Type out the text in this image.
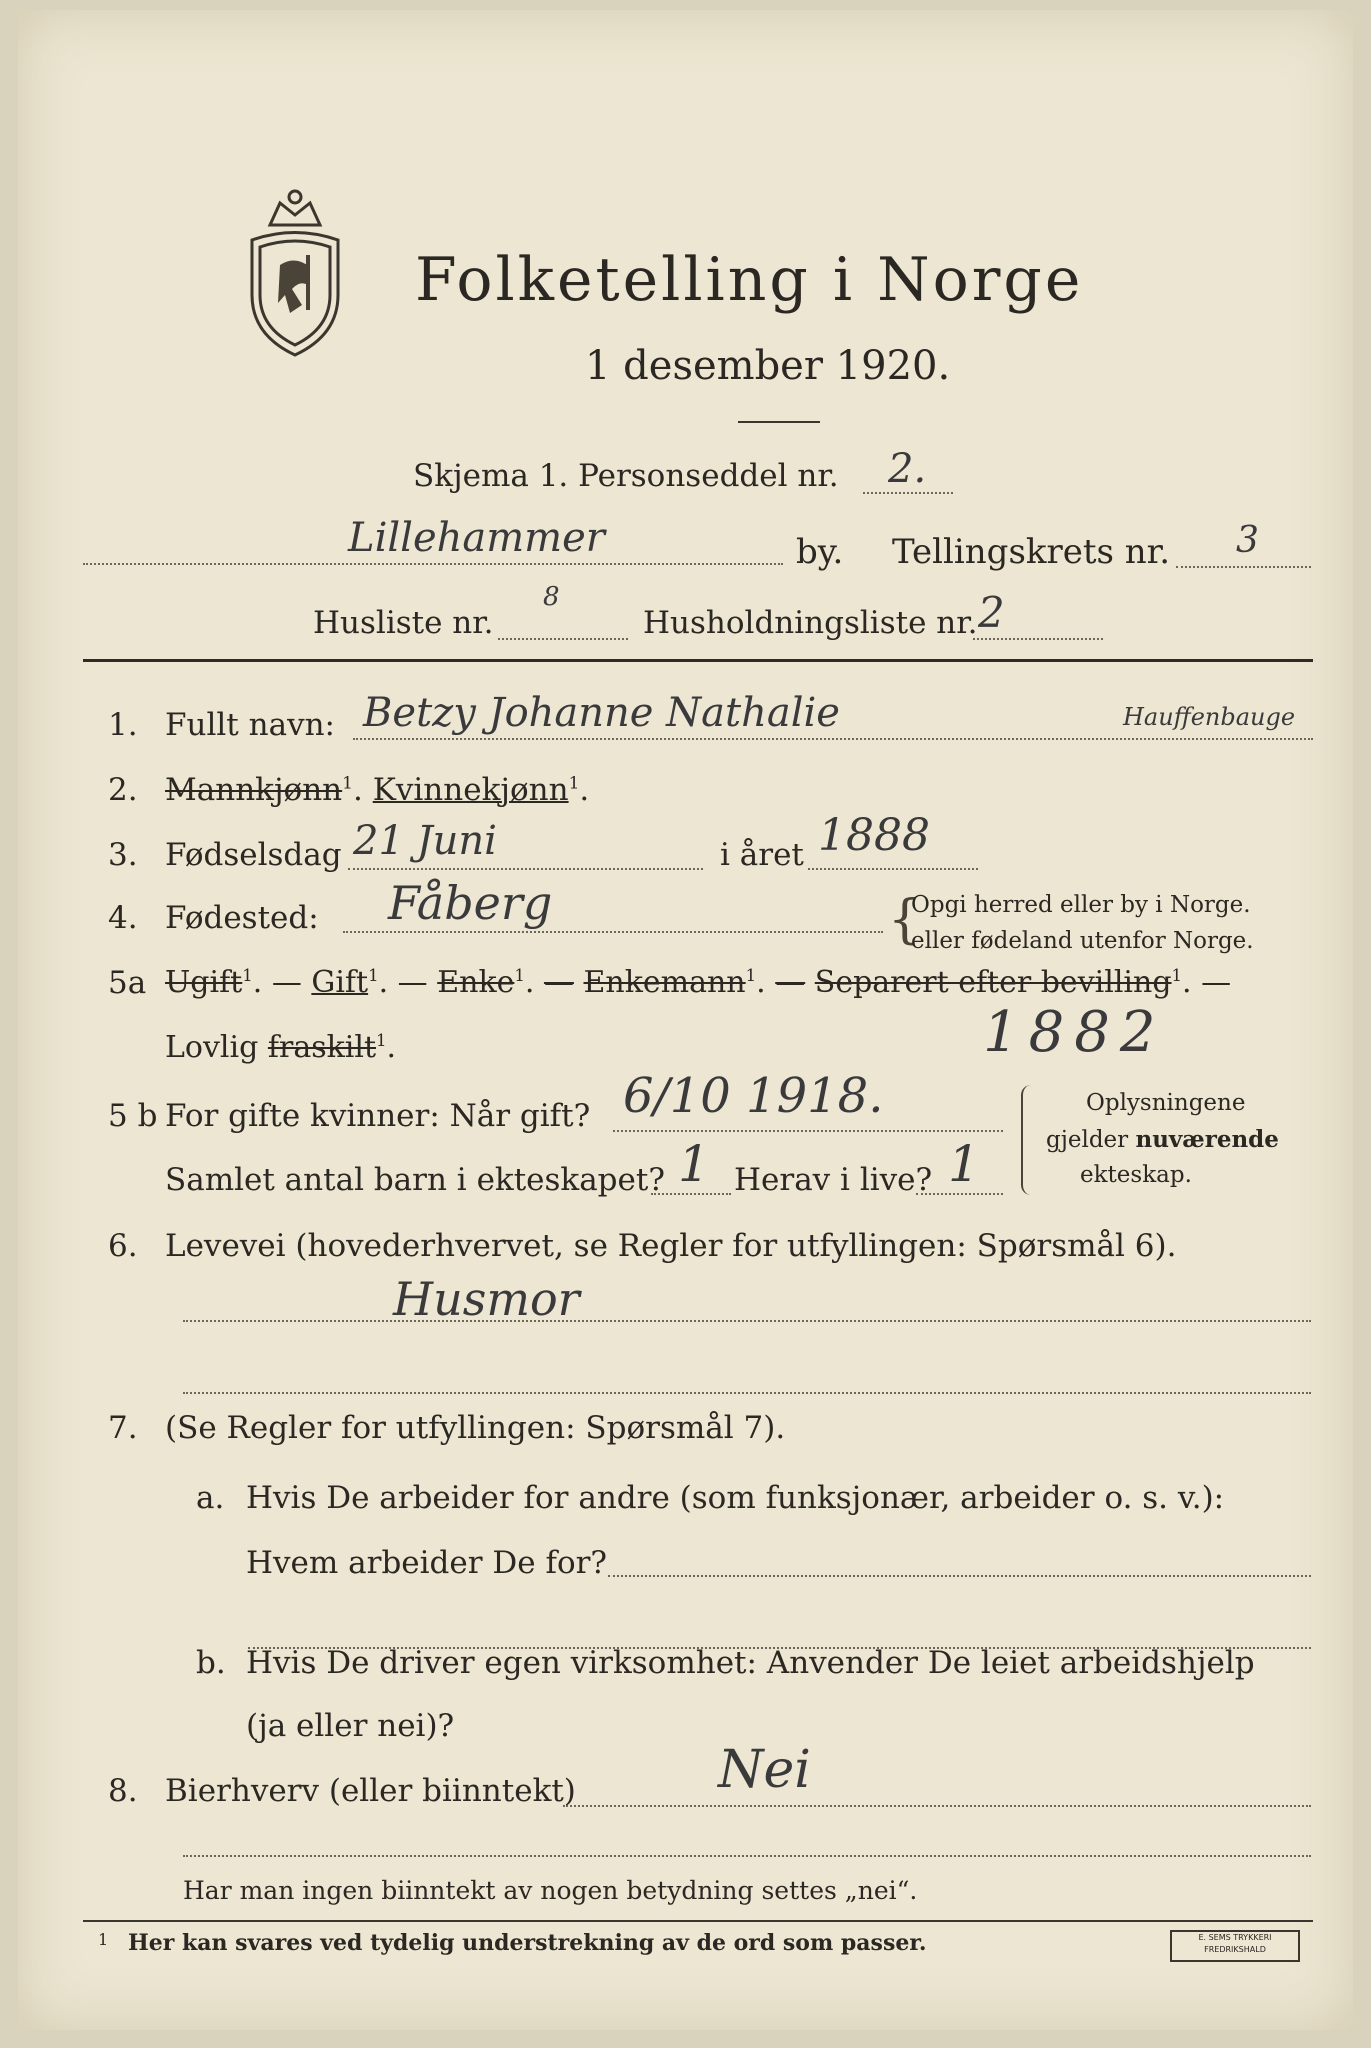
Folketelling i Norge
1 desember 1920.
Skjema 1. Personseddel nr. 2.
Lillehammer	by. Tellingskrets nr. 3
Husliste nr.
8
Husholdningsliste nr. 2
1. Fullt navn: Betzy Johanne Nathalie	Hauffenbauge
2. Mannkjønn$^1$. Kvinnekjønn$^1$.
3. Fødselsdag 21 Juni	i året 1888
4. Fødested: Fåberg	{
Opgi herred eller by i Norge.
eller fødeland utenfor Norge.
5a Ugift$^1$. — Gift$^1$. — Enke$^1$. — Enkemann$^1$. — Separert efter bevilling$^1$. —
Lovlig fraskilt$^1$.	1882
5 b For gifte kvinner: Når gift? 6/10 1918.
Samlet antal barn i ekteskapet? 1 Herav i live? 1
Oplysningene
gjelder nuværende
ekteskap.
6. Levevei (hovederhvervet, se Regler for utfyllingen: Spørsmål 6).
Husmor
7. (Se Regler for utfyllingen: Spørsmål 7).
a. Hvis De arbeider for andre (som funksjonær, arbeider o. s. v.):
Hvem arbeider De for?
b. Hvis De driver egen virksomhet: Anvender De leiet arbeidshjelp
(ja eller nei)?
8. Bierhverv (eller biinntekt)	Nei
Har man ingen biinntekt av nogen betydning settes „nei“.
1 Her kan svares ved tydelig understrekning av de ord som passer.	E. SEMS TRYKKERI
FREDRIKSHALD
